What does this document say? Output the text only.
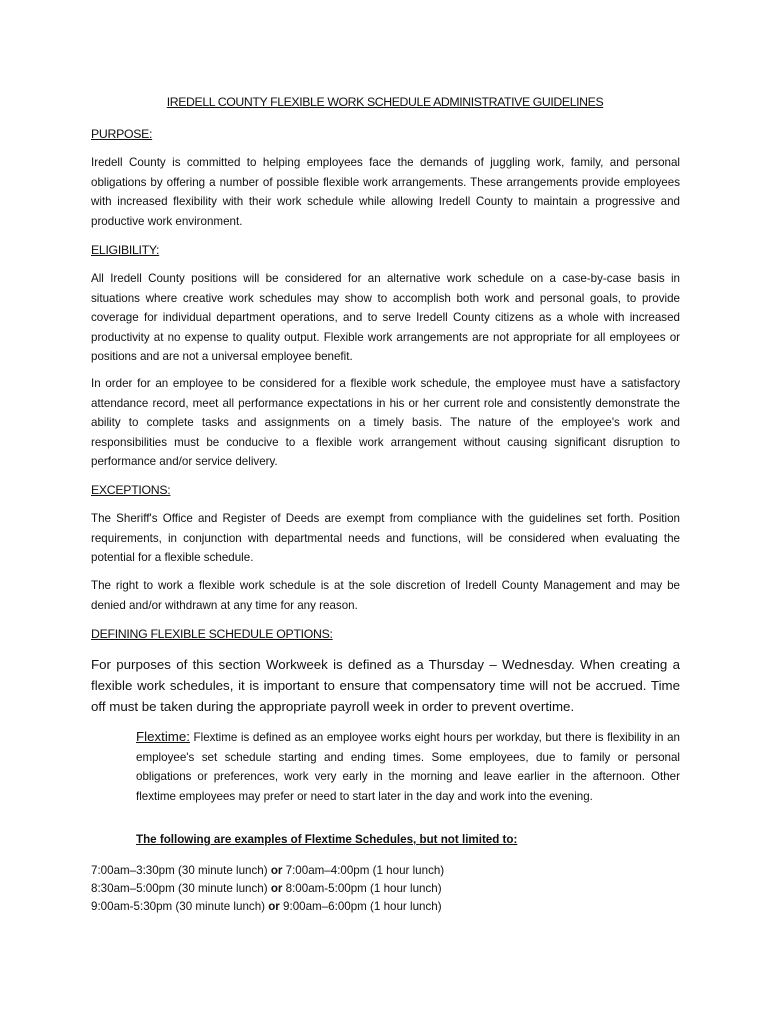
IREDELL COUNTY FLEXIBLE WORK SCHEDULE ADMINISTRATIVE GUIDELINES
PURPOSE:

Iredell County is committed to helping employees face the demands of juggling work, family, and personal obligations by offering a number of possible flexible work arrangements. These arrangements provide employees with increased flexibility with their work schedule while allowing Iredell County to maintain a progressive and productive work environment.

ELIGIBILITY:

All Iredell County positions will be considered for an alternative work schedule on a case-by-case basis in situations where creative work schedules may show to accomplish both work and personal goals, to provide coverage for individual department operations, and to serve Iredell County citizens as a whole with increased productivity at no expense to quality output. Flexible work arrangements are not appropriate for all employees or positions and are not a universal employee benefit.

In order for an employee to be considered for a flexible work schedule, the employee must have a satisfactory attendance record, meet all performance expectations in his or her current role and consistently demonstrate the ability to complete tasks and assignments on a timely basis. The nature of the employee's work and responsibilities must be conducive to a flexible work arrangement without causing significant disruption to performance and/or service delivery.

EXCEPTIONS:

The Sheriff's Office and Register of Deeds are exempt from compliance with the guidelines set forth. Position requirements, in conjunction with departmental needs and functions, will be considered when evaluating the potential for a flexible schedule.

The right to work a flexible work schedule is at the sole discretion of Iredell County Management and may be denied and/or withdrawn at any time for any reason.

DEFINING FLEXIBLE SCHEDULE OPTIONS:

For purposes of this section Workweek is defined as a Thursday – Wednesday. When creating a flexible work schedules, it is important to ensure that compensatory time will not be accrued. Time off must be taken during the appropriate payroll week in order to prevent overtime.

Flextime: Flextime is defined as an employee works eight hours per workday, but there is flexibility in an employee's set schedule starting and ending times. Some employees, due to family or personal obligations or preferences, work very early in the morning and leave earlier in the afternoon. Other flextime employees may prefer or need to start later in the day and work into the evening.

The following are examples of Flextime Schedules, but not limited to:
7:00am–3:30pm (30 minute lunch) or 7:00am–4:00pm (1 hour lunch)
8:30am–5:00pm (30 minute lunch) or 8:00am-5:00pm (1 hour lunch)
9:00am-5:30pm (30 minute lunch) or 9:00am–6:00pm (1 hour lunch)
